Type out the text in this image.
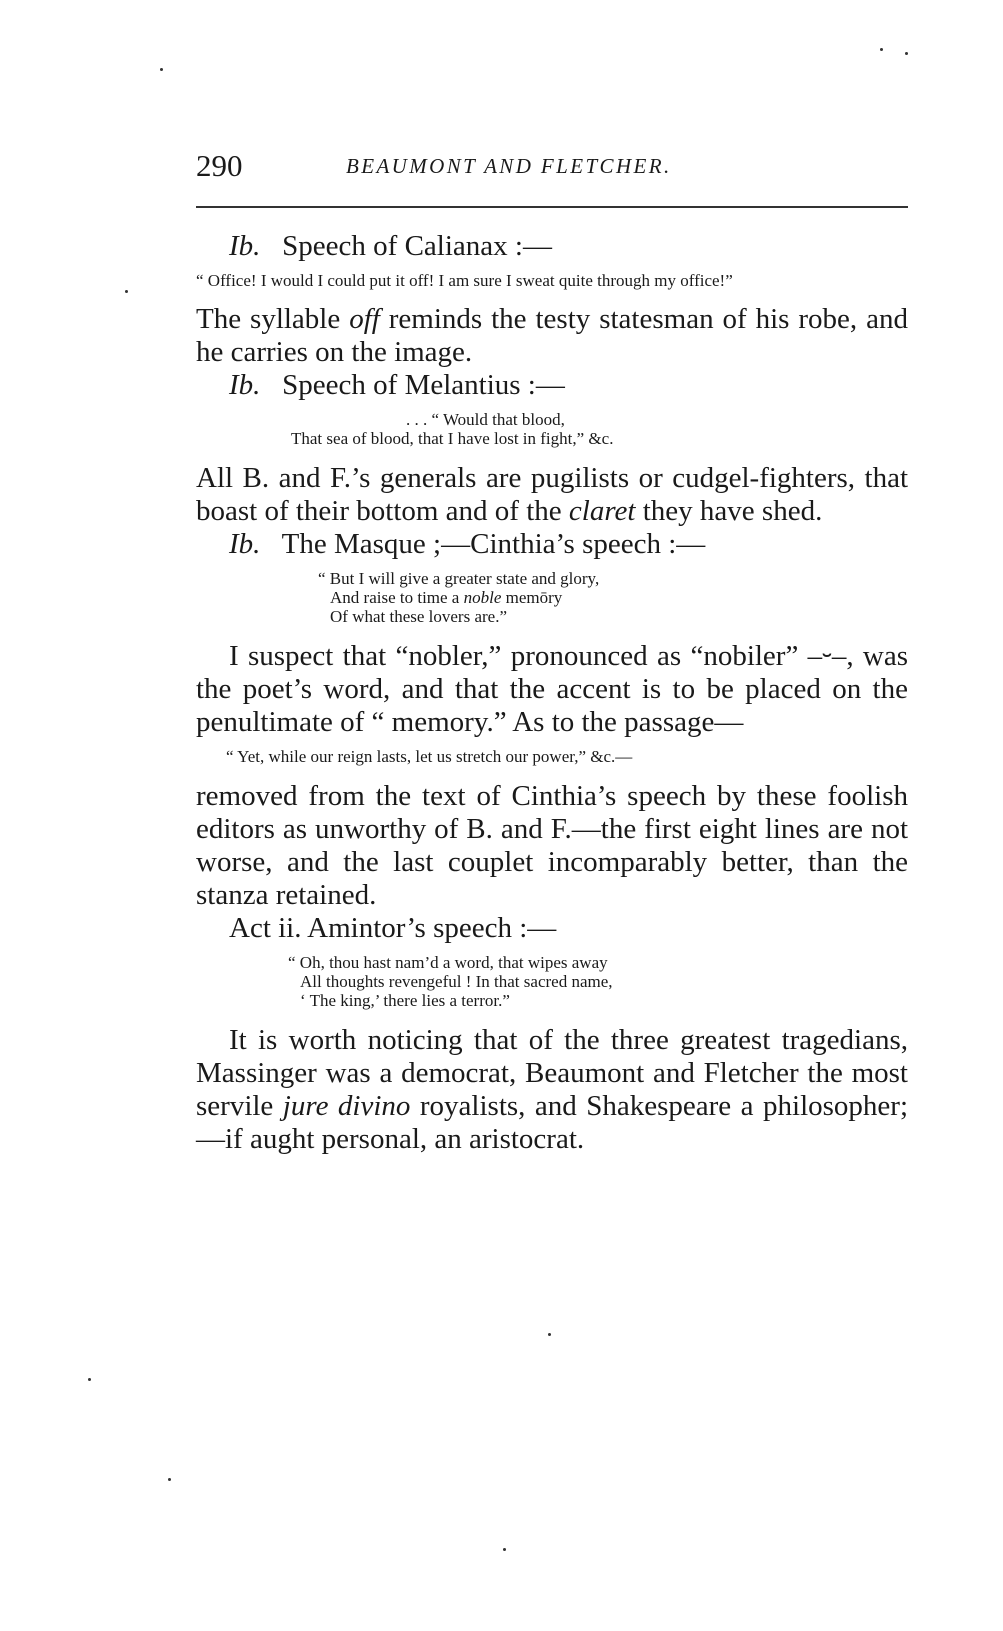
290	BEAUMONT AND FLETCHER.

Ib. Speech of Calianax :—

“ Office! I would I could put it off! I am sure I sweat quite through my office!”

The syllable off reminds the testy statesman of his robe, and he carries on the image.

Ib. Speech of Melantius :—

. . . “ Would that blood,
That sea of blood, that I have lost in fight,” &c.

All B. and F.’s generals are pugilists or cudgel-fighters, that boast of their bottom and of the claret they have shed.

Ib. The Masque ;—Cinthia’s speech :—

“ But I will give a greater state and glory,
And raise to time a noble memōry
Of what these lovers are.”

I suspect that “nobler,” pronounced as “nobiler” –⏑–, was the poet’s word, and that the accent is to be placed on the penultimate of “ memory.” As to the passage—

“ Yet, while our reign lasts, let us stretch our power,” &c.—

removed from the text of Cinthia’s speech by these foolish editors as unworthy of B. and F.—the first eight lines are not worse, and the last couplet incomparably better, than the stanza retained.

Act ii. Amintor’s speech :—

“ Oh, thou hast nam’d a word, that wipes away
All thoughts revengeful ! In that sacred name,
‘ The king,’ there lies a terror.”

It is worth noticing that of the three greatest tragedians, Massinger was a democrat, Beaumont and Fletcher the most servile jure divino royalists, and Shakespeare a philosopher;—if aught personal, an aristocrat.
